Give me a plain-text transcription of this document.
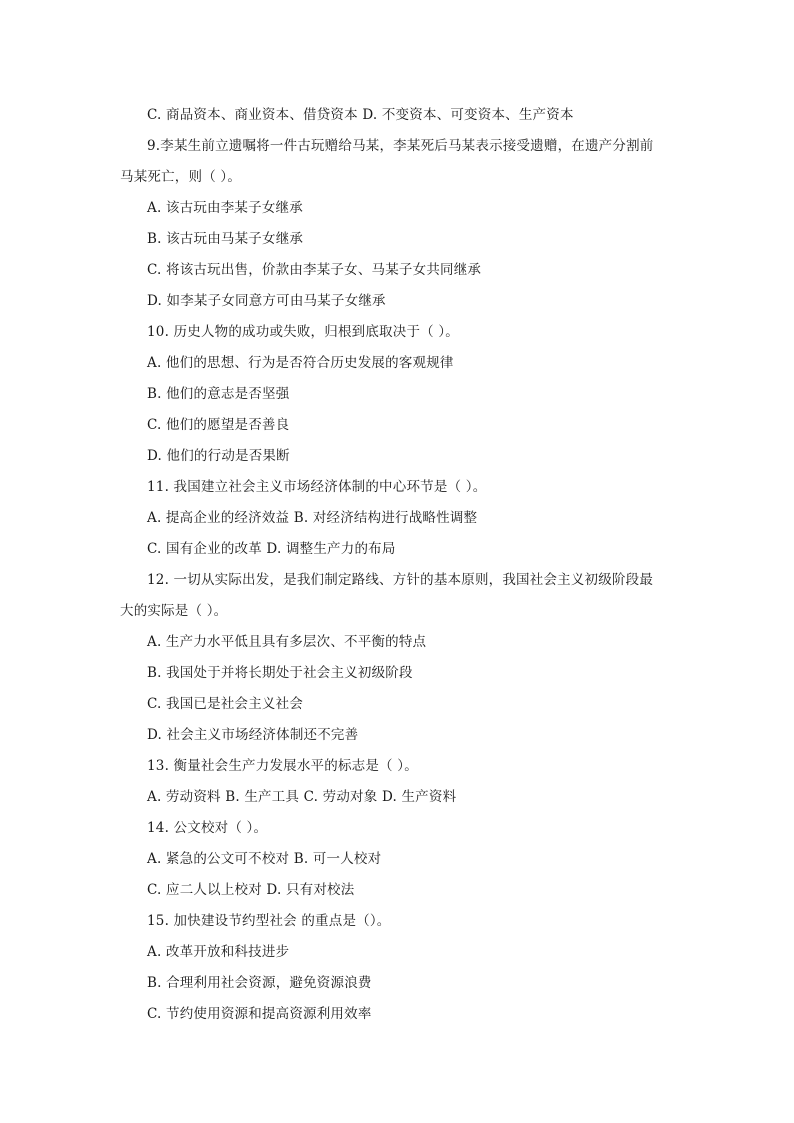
C. 商品资本、商业资本、借贷资本 D. 不变资本、可变资本、生产资本
9.李某生前立遗嘱将一件古玩赠给马某，李某死后马某表示接受遗赠，在遗产分割前
马某死亡，则（ ）。
A. 该古玩由李某子女继承
B. 该古玩由马某子女继承
C. 将该古玩出售，价款由李某子女、马某子女共同继承
D. 如李某子女同意方可由马某子女继承
10. 历史人物的成功或失败，归根到底取决于（ ）。
A. 他们的思想、行为是否符合历史发展的客观规律
B. 他们的意志是否坚强
C. 他们的愿望是否善良
D. 他们的行动是否果断
11. 我国建立社会主义市场经济体制的中心环节是（ ）。
A. 提高企业的经济效益 B. 对经济结构进行战略性调整
C. 国有企业的改革 D. 调整生产力的布局
12. 一切从实际出发，是我们制定路线、方针的基本原则，我国社会主义初级阶段最
大的实际是（ ）。
A. 生产力水平低且具有多层次、不平衡的特点
B. 我国处于并将长期处于社会主义初级阶段
C. 我国已是社会主义社会
D. 社会主义市场经济体制还不完善
13. 衡量社会生产力发展水平的标志是（ ）。
A. 劳动资料 B. 生产工具 C. 劳动对象 D. 生产资料
14. 公文校对（ ）。
A. 紧急的公文可不校对 B. 可一人校对
C. 应二人以上校对 D. 只有对校法
15. 加快建设节约型社会 的重点是（）。
A. 改革开放和科技进步
B. 合理利用社会资源，避免资源浪费
C. 节约使用资源和提高资源利用效率
